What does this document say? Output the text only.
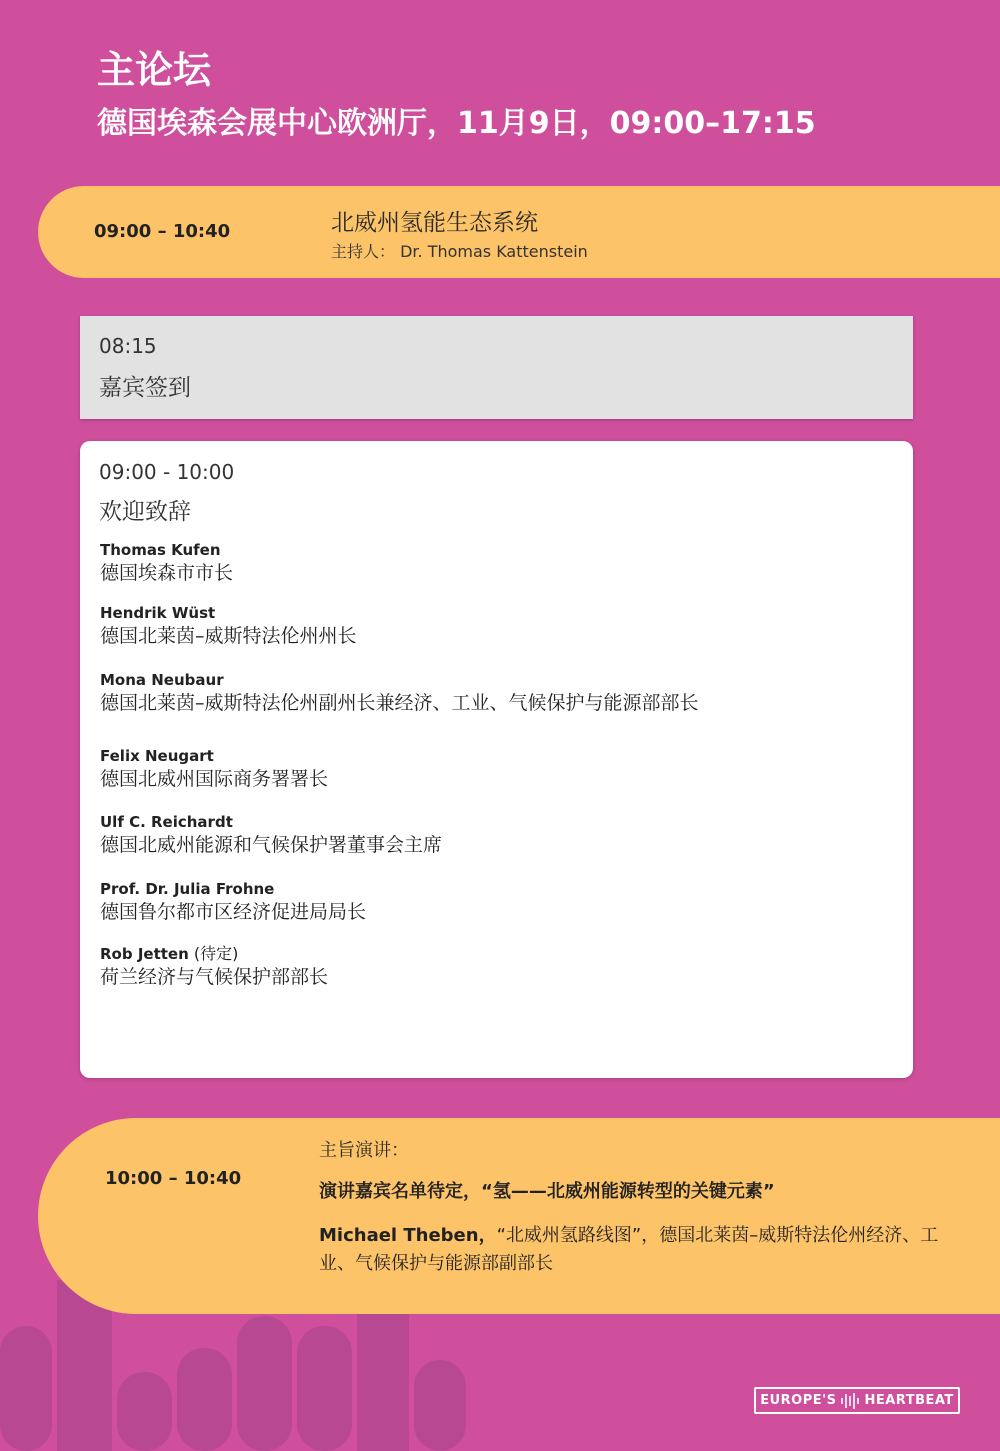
主论坛
德国埃森会展中心欧洲厅，11月9日，09:00–17:15
09:00 – 10:40	北威州氢能生态系统
主持人： Dr. Thomas Kattenstein
08:15
嘉宾签到
09:00 - 10:00
欢迎致辞
Thomas Kufen
德国埃森市市长
Hendrik Wüst
德国北莱茵–威斯特法伦州州长
Mona Neubaur
德国北莱茵–威斯特法伦州副州长兼经济、工业、气候保护与能源部部长
Felix Neugart
德国北威州国际商务署署长
Ulf C. Reichardt
德国北威州能源和气候保护署董事会主席
Prof. Dr. Julia Frohne
德国鲁尔都市区经济促进局局长
Rob Jetten (待定)
荷兰经济与气候保护部部长
10:00 – 10:40
主旨演讲：
演讲嘉宾名单待定，“氢——北威州能源转型的关键元素”
Michael Theben，“北威州氢路线图”，德国北莱茵–威斯特法伦州经济、工业、气候保护与能源部副部长
EUROPE'S HEARTBEAT
